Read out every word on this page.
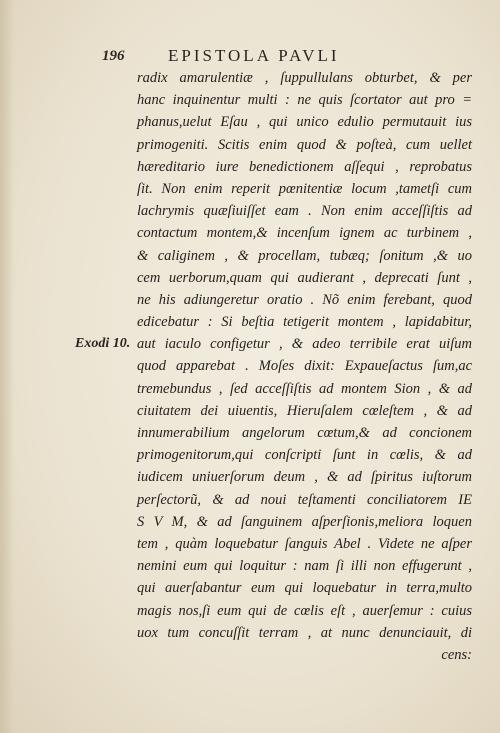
196	EPISTOLA PAVLI
Exodi 10.
radix amarulentiæ , ſuppullulans obturbet, & per
hanc inquinentur multi : ne quis ſcortator aut pro =
phanus,uelut Eſau , qui unico edulio permutauit ius
primogeniti. Scitis enim quod & poſteà, cum uellet
hæreditario iure benedictionem aſſequi , reprobatus
ſit. Non enim reperit pœnitentiæ locum ,tametſi cum
lachrymis quæſiuiſſet eam . Non enim acceſſiſtis ad
contactum montem,& incenſum ignem ac turbinem ,
& caliginem , & procellam, tubæq; ſonitum ,& uo
cem uerborum,quam qui audierant , deprecati ſunt ,
ne his adiungeretur oratio . Nõ enim ferebant, quod
edicebatur : Si beſtia tetigerit montem , lapidabitur,
aut iaculo configetur , & adeo terribile erat uiſum
quod apparebat . Moſes dixit: Expaueſactus ſum,ac
tremebundus , ſed acceſſiſtis ad montem Sion , & ad
ciuitatem dei uiuentis, Hieruſalem cœleſtem , & ad
innumerabilium angelorum cœtum,& ad concionem
primogenitorum,qui conſcripti ſunt in cœlis, & ad
iudicem uniuerſorum deum , & ad ſpiritus iuſtorum
perſectorũ, & ad noui teſtamenti conciliatorem IE
S V M, & ad ſanguinem aſperſionis,meliora loquen
tem , quàm loquebatur ſanguis Abel . Videte ne aſper
nemini eum qui loquitur : nam ſi illi non effugerunt ,
qui auerſabantur eum qui loquebatur in terra,multo
magis nos,ſi eum qui de cœlis eſt , auerſemur : cuius
uox tum concuſſit terram , at nunc denunciauit, di
cens:
